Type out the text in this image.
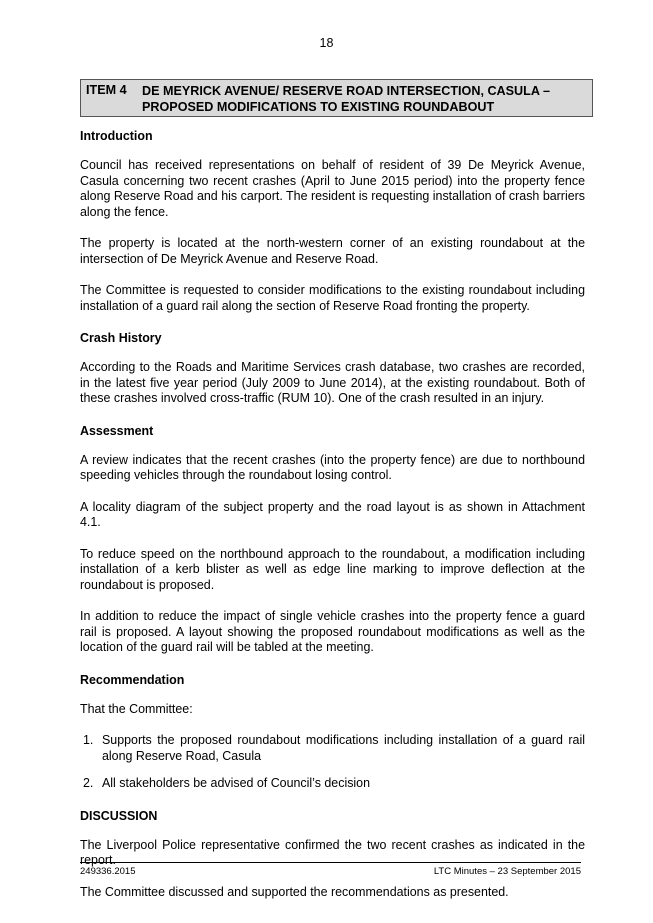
18
ITEM 4 DE MEYRICK AVENUE/ RESERVE ROAD INTERSECTION, CASULA –
PROPOSED MODIFICATIONS TO EXISTING ROUNDABOUT
Introduction

Council has received representations on behalf of resident of 39 De Meyrick Avenue, Casula concerning two recent crashes (April to June 2015 period) into the property fence along Reserve Road and his carport. The resident is requesting installation of crash barriers along the fence.

The property is located at the north-western corner of an existing roundabout at the intersection of De Meyrick Avenue and Reserve Road.

The Committee is requested to consider modifications to the existing roundabout including installation of a guard rail along the section of Reserve Road fronting the property.

Crash History

According to the Roads and Maritime Services crash database, two crashes are recorded, in the latest five year period (July 2009 to June 2014), at the existing roundabout. Both of these crashes involved cross-traffic (RUM 10). One of the crash resulted in an injury.

Assessment

A review indicates that the recent crashes (into the property fence) are due to northbound speeding vehicles through the roundabout losing control.

A locality diagram of the subject property and the road layout is as shown in Attachment 4.1.

To reduce speed on the northbound approach to the roundabout, a modification including installation of a kerb blister as well as edge line marking to improve deflection at the roundabout is proposed.

In addition to reduce the impact of single vehicle crashes into the property fence a guard rail is proposed. A layout showing the proposed roundabout modifications as well as the location of the guard rail will be tabled at the meeting.

Recommendation

That the Committee:

1. Supports the proposed roundabout modifications including installation of a guard rail along Reserve Road, Casula
2. All stakeholders be advised of Council’s decision
DISCUSSION

The Liverpool Police representative confirmed the two recent crashes as indicated in the report.

The Committee discussed and supported the recommendations as presented.

249336.2015	LTC Minutes – 23 September 2015
